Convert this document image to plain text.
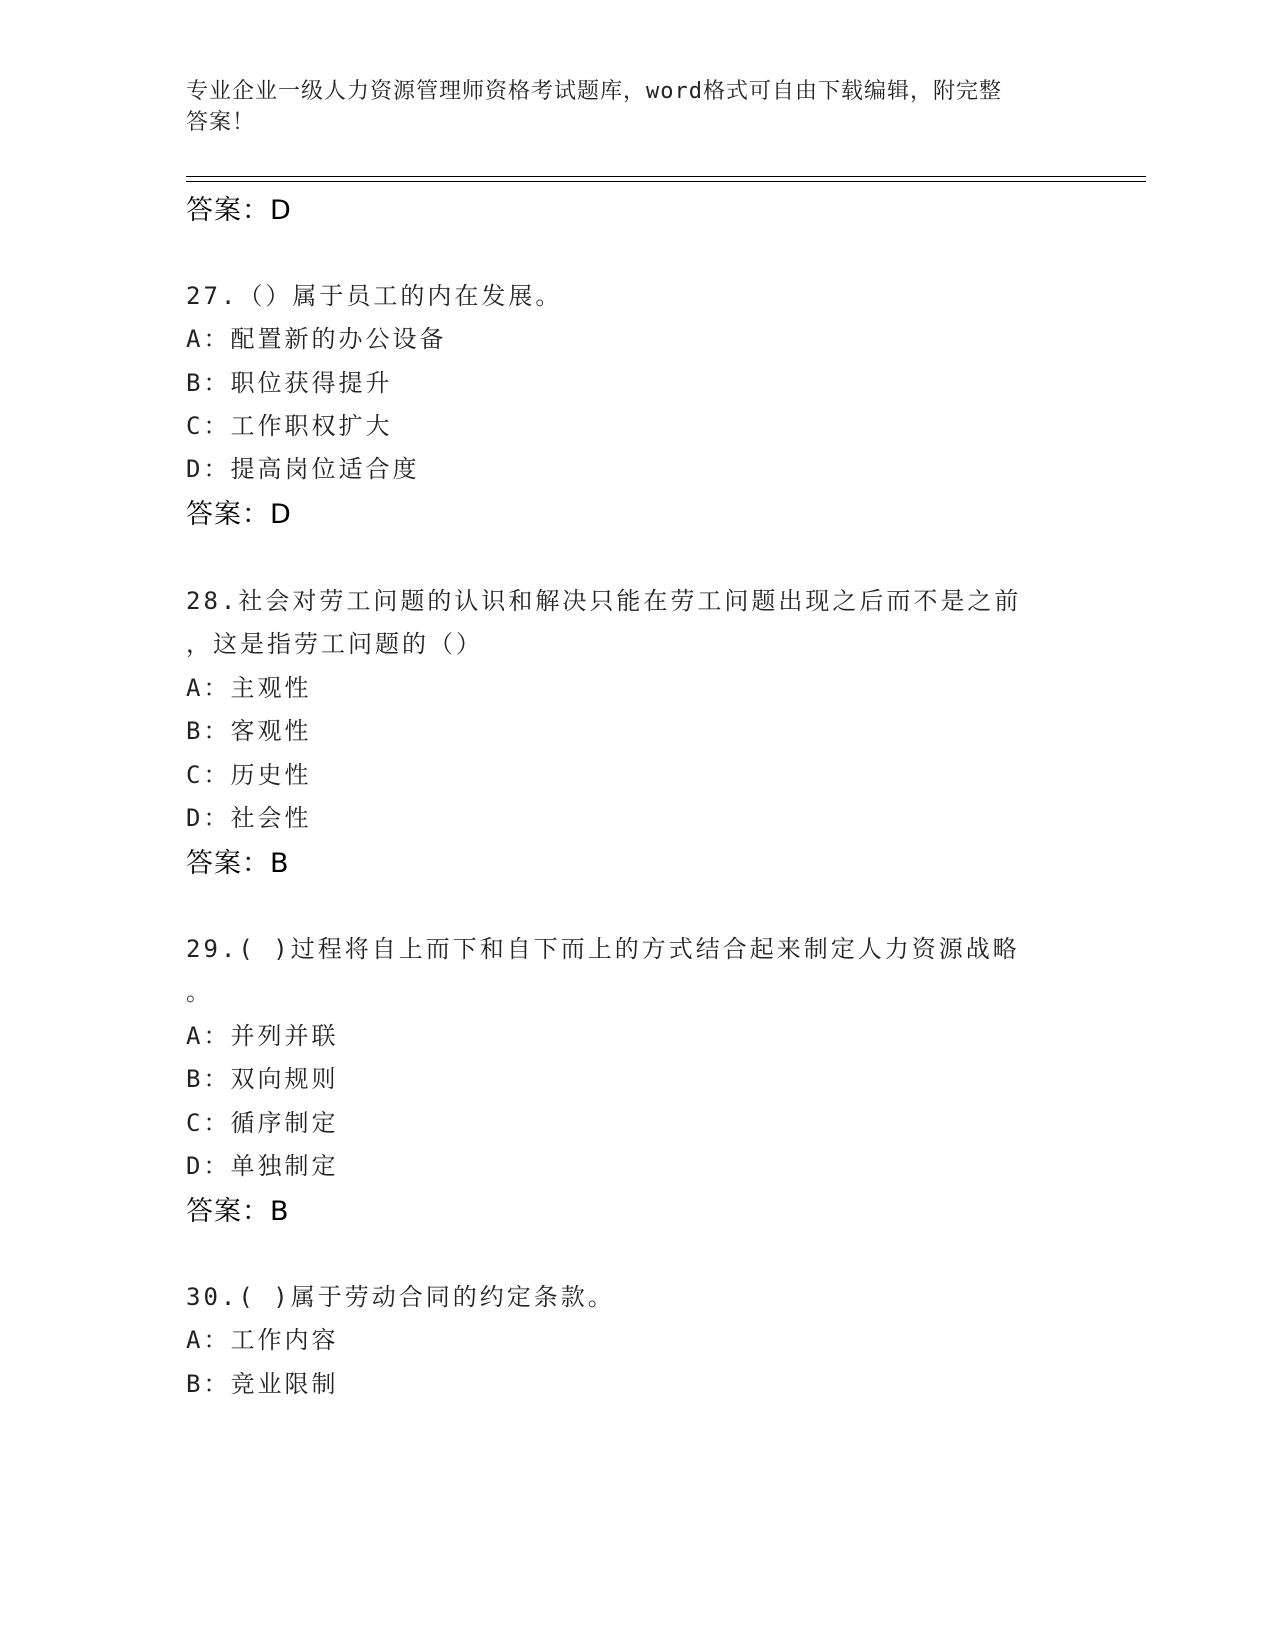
专业企业一级人力资源管理师资格考试题库，word格式可自由下载编辑，附完整
答案！
答案：D
27.（）属于员工的内在发展。
A：配置新的办公设备
B：职位获得提升
C：工作职权扩大
D：提高岗位适合度
答案：D
28.社会对劳工问题的认识和解决只能在劳工问题出现之后而不是之前
，这是指劳工问题的（）
A：主观性
B：客观性
C：历史性
D：社会性
答案：B
29.( )过程将自上而下和自下而上的方式结合起来制定人力资源战略
。
A：并列并联
B：双向规则
C：循序制定
D：单独制定
答案：B
30.( )属于劳动合同的约定条款。
A：工作内容
B：竞业限制
